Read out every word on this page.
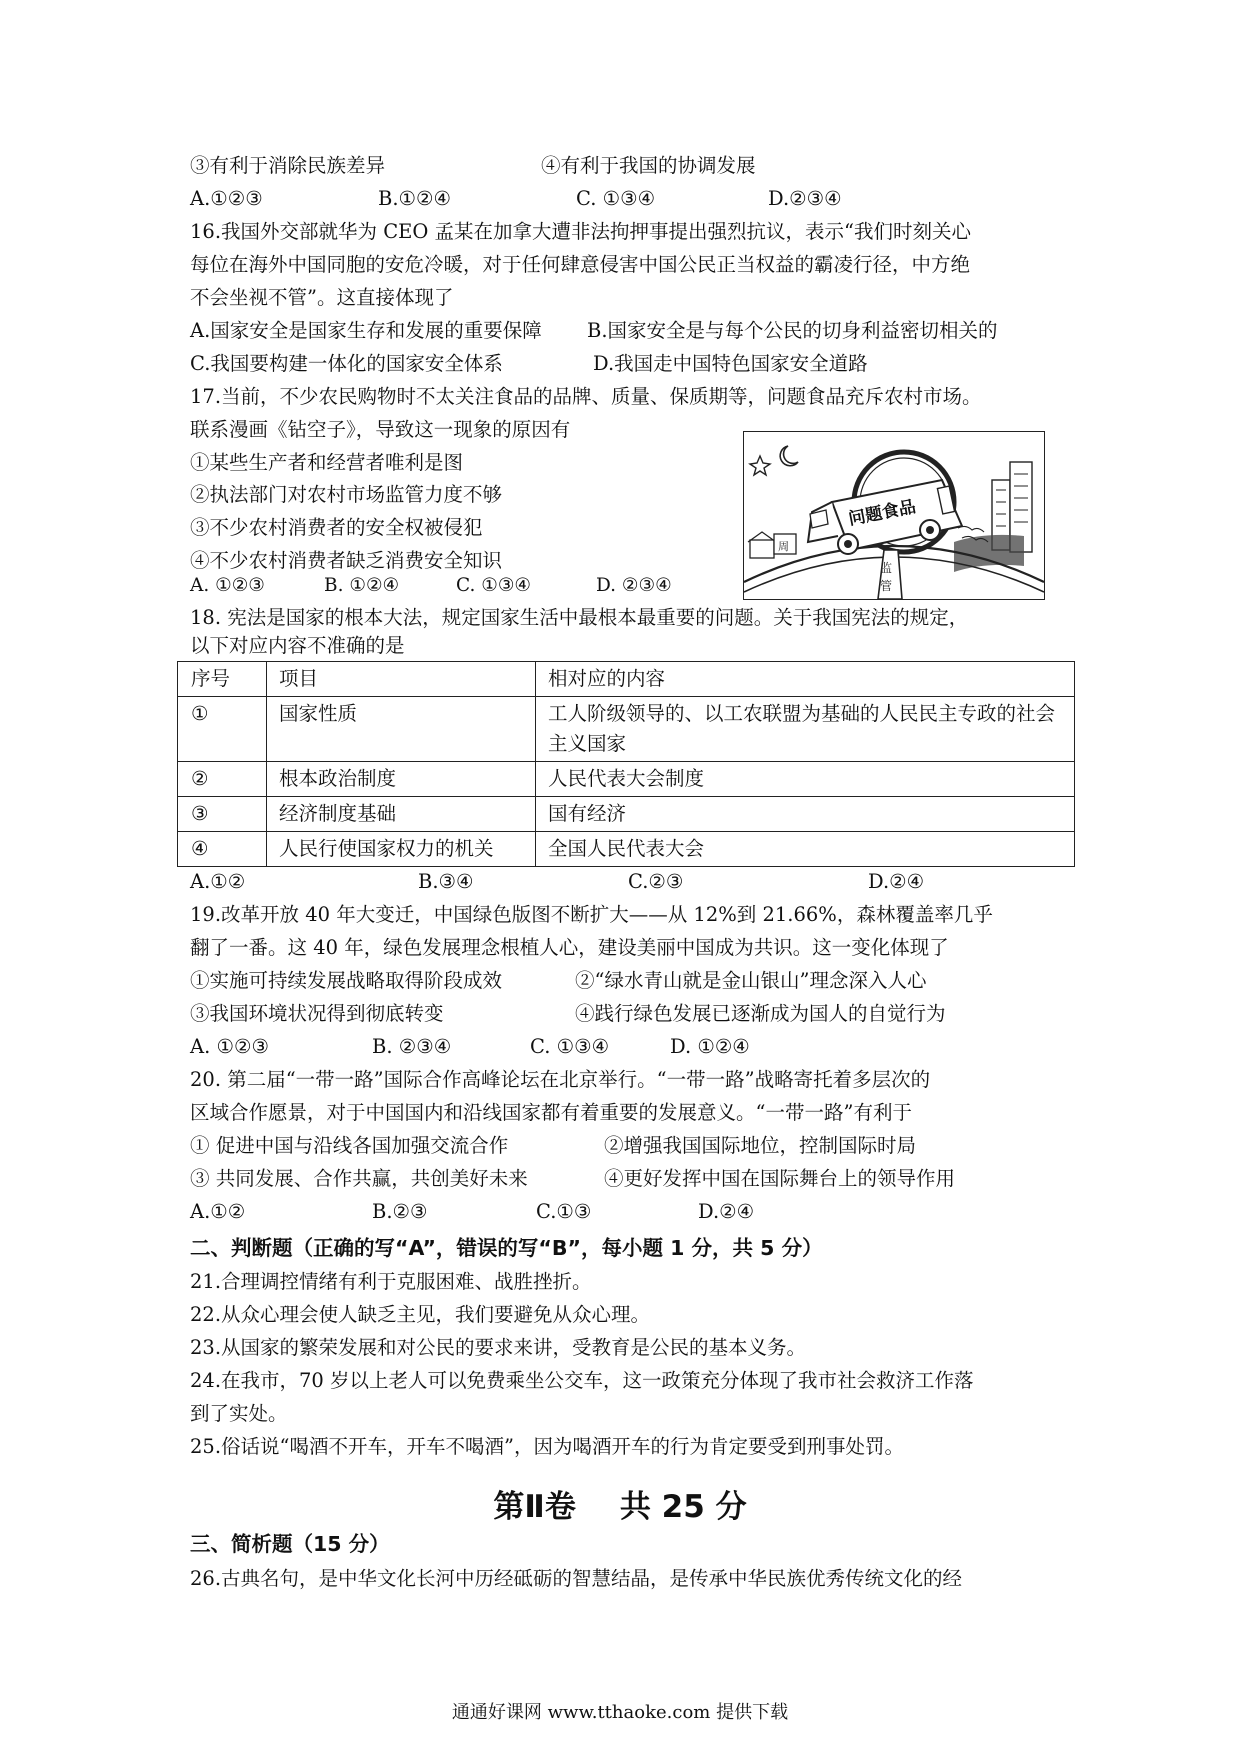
③有利于消除民族差异	④有利于我国的协调发展
A.①②③	B.①②④	C. ①③④	D.②③④
16.我国外交部就华为 CEO 孟某在加拿大遭非法拘押事提出强烈抗议，表示“我们时刻关心
每位在海外中国同胞的安危冷暖，对于任何肆意侵害中国公民正当权益的霸凌行径，中方绝
不会坐视不管”。这直接体现了
A.国家安全是国家生存和发展的重要保障 B.国家安全是与每个公民的切身利益密切相关的
C.我国要构建一体化的国家安全体系	D.我国走中国特色国家安全道路
17.当前，不少农民购物时不太关注食品的品牌、质量、保质期等，问题食品充斥农村市场。
联系漫画《钻空子》，导致这一现象的原因有
①某些生产者和经营者唯利是图
②执法部门对农村市场监管力度不够
③不少农村消费者的安全权被侵犯
④不少农村消费者缺乏消费安全知识
A. ①②③	B. ①②④	C. ①③④	D. ②③④
周
监
管
问题食品
18. 宪法是国家的根本大法，规定国家生活中最根本最重要的问题。关于我国宪法的规定，
以下对应内容不准确的是
序号	项目	相对应的内容
①	国家性质	工人阶级领导的、以工农联盟为基础的人民民主专政的社会主义国家
②	根本政治制度	人民代表大会制度
③	经济制度基础	国有经济
④	人民行使国家权力的机关	全国人民代表大会
A.①②	B.③④	C.②③	D.②④
19.改革开放 40 年大变迁，中国绿色版图不断扩大——从 12%到 21.66%，森林覆盖率几乎
翻了一番。这 40 年，绿色发展理念根植人心，建设美丽中国成为共识。这一变化体现了
①实施可持续发展战略取得阶段成效	②“绿水青山就是金山银山”理念深入人心
③我国环境状况得到彻底转变	④践行绿色发展已逐渐成为国人的自觉行为
A. ①②③	B. ②③④	C. ①③④	D. ①②④
20. 第二届“一带一路”国际合作高峰论坛在北京举行。“一带一路”战略寄托着多层次的
区域合作愿景，对于中国国内和沿线国家都有着重要的发展意义。“一带一路”有利于
① 促进中国与沿线各国加强交流合作	②增强我国国际地位，控制国际时局
③ 共同发展、合作共赢，共创美好未来	④更好发挥中国在国际舞台上的领导作用
A.①②	B.②③	C.①③	D.②④
二、判断题（正确的写“A”，错误的写“B”，每小题 1 分，共 5 分）
21.合理调控情绪有利于克服困难、战胜挫折。
22.从众心理会使人缺乏主见，我们要避免从众心理。
23.从国家的繁荣发展和对公民的要求来讲，受教育是公民的基本义务。
24.在我市，70 岁以上老人可以免费乘坐公交车，这一政策充分体现了我市社会救济工作落
到了实处。
25.俗话说“喝酒不开车，开车不喝酒”，因为喝酒开车的行为肯定要受到刑事处罚。
第Ⅱ卷 共 25 分
三、简析题（15 分）
26.古典名句，是中华文化长河中历经砥砺的智慧结晶，是传承中华民族优秀传统文化的经
通通好课网 www.tthaoke.com 提供下载
